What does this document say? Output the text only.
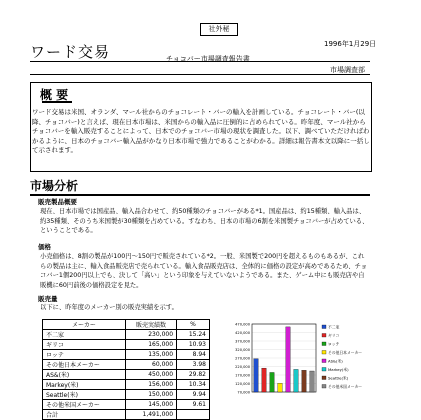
社外秘
1996年1月29日
ワード交易	チョコバー市場調査報告書
市場調査部
概 要
ワード交易は米国、オランダ、マール社からのチョコレート・バーの輸入を計画している。チョコレート・バー(以降、チョコバー)と言えば、現在日本市場は、米国からの輸入品に圧倒的に占められている。昨年度、マール社からチョコバーを輸入販売することによって、日本でのチョコバー市場の現状を調査した。以下、調べていただければわかるように、日本のチョコバー輸入品がかなり日本市場で強力であることがわかる。詳細は報告書本文以降に一括して示されます。
市場分析
販売製品概要
現在、日本市場では国産品、輸入品合わせて、約50種類のチョコバーがある*1。国産品は、約15種類、輸入品は、約35種類、そのうち米国製が30種類を占めている。すなわち、日本の市場の6割を米国製チョコバーが占めている、ということである。
価格
小売価格は、8割の製品が100円〜150円で販売されている*2。一般、米国製で200円を超えるものもあるが、これらの製品は主に、輸入食品販売店で売られている。輸入食品販売店は、全体的に価格の設定が高めであるため、チョコバー1個200円以上でも、決して「高い」という印象を与えていないようである。また、ゲーム中にも販売店や自販機に60円前後の価格設定を見た。
販売量
以下に、昨年度のメーカー別の販売実績を示す。
メーカー	販売実績数	%
不二家	230,000	15.24
ギリコ	165,000	10.93
ロッテ	135,000	8.94
その他日本メーカー	60,000	3.98
AS&(米)	450,000	29.82
Markey(米)	156,000	10.34
Seattle(米)	150,000	9.94
その他米国メーカー	145,000	9.61
合計	1,491,000	
470,000
420,000
370,000
320,000
270,000
220,000
170,000
120,000
70,000
不二家
ギリコ
ロッテ
その他日本メーカー
AS&(米)
Markey(米)
Seattle(米)
その他米国メーカー
